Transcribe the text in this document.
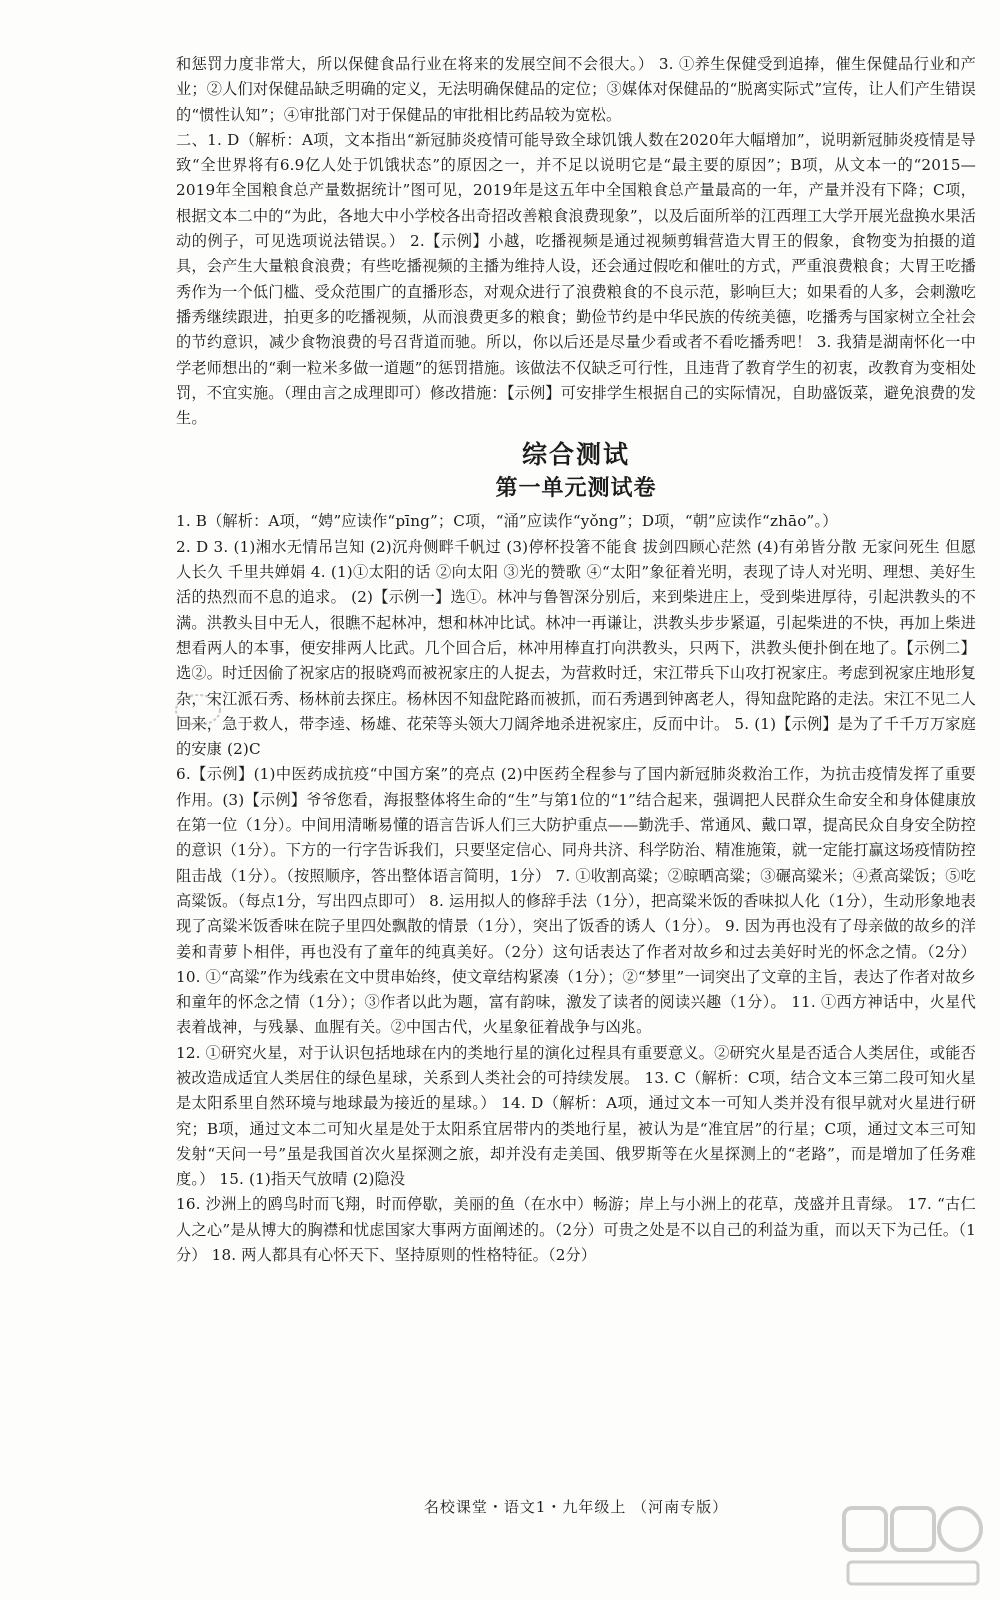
和惩罚力度非常大，所以保健食品行业在将来的发展空间不会很大。） 3. ①养生保健受到追捧，催生保健品行业和产业；②人们对保健品缺乏明确的定义，无法明确保健品的定位；③媒体对保健品的“脱离实际式”宣传，让人们产生错误的“惯性认知”；④审批部门对于保健品的审批相比药品较为宽松。

二、1. D（解析：A项，文本指出“新冠肺炎疫情可能导致全球饥饿人数在2020年大幅增加”，说明新冠肺炎疫情是导致“全世界将有6.9亿人处于饥饿状态”的原因之一，并不足以说明它是“最主要的原因”；B项，从文本一的“2015—2019年全国粮食总产量数据统计”图可见，2019年是这五年中全国粮食总产量最高的一年，产量并没有下降；C项，根据文本二中的“为此，各地大中小学校各出奇招改善粮食浪费现象”，以及后面所举的江西理工大学开展光盘换水果活动的例子，可见选项说法错误。） 2.【示例】小越，吃播视频是通过视频剪辑营造大胃王的假象，食物变为拍摄的道具，会产生大量粮食浪费；有些吃播视频的主播为维持人设，还会通过假吃和催吐的方式，严重浪费粮食；大胃王吃播秀作为一个低门槛、受众范围广的直播形态，对观众进行了浪费粮食的不良示范，影响巨大；如果看的人多，会刺激吃播秀继续跟进，拍更多的吃播视频，从而浪费更多的粮食；勤俭节约是中华民族的传统美德，吃播秀与国家树立全社会的节约意识，减少食物浪费的号召背道而驰。所以，你以后还是尽量少看或者不看吃播秀吧！ 3. 我猜是湖南怀化一中学老师想出的“剩一粒米多做一道题”的惩罚措施。该做法不仅缺乏可行性，且违背了教育学生的初衷，改教育为变相处罚，不宜实施。（理由言之成理即可）修改措施：【示例】可安排学生根据自己的实际情况，自助盛饭菜，避免浪费的发生。

综合测试
第一单元测试卷

1. B（解析：A项，“娉”应读作“pīng”；C项，“涌”应读作“yǒng”；D项，“朝”应读作“zhāo”。）

2. D 3. (1)湘水无情吊岂知 (2)沉舟侧畔千帆过 (3)停杯投箸不能食 拔剑四顾心茫然 (4)有弟皆分散 无家问死生 但愿人长久 千里共婵娟 4. (1)①太阳的话 ②向太阳 ③光的赞歌 ④“太阳”象征着光明，表现了诗人对光明、理想、美好生活的热烈而不息的追求。 (2)【示例一】选①。林冲与鲁智深分别后，来到柴进庄上，受到柴进厚待，引起洪教头的不满。洪教头目中无人，很瞧不起林冲，想和林冲比试。林冲一再谦让，洪教头步步紧逼，引起柴进的不快，再加上柴进想看两人的本事，便安排两人比武。几个回合后，林冲用棒直打向洪教头，只两下，洪教头便扑倒在地了。【示例二】选②。时迁因偷了祝家店的报晓鸡而被祝家庄的人捉去，为营救时迁，宋江带兵下山攻打祝家庄。考虑到祝家庄地形复杂，宋江派石秀、杨林前去探庄。杨林因不知盘陀路而被抓，而石秀遇到钟离老人，得知盘陀路的走法。宋江不见二人回来，急于救人，带李逵、杨雄、花荣等头领大刀阔斧地杀进祝家庄，反而中计。 5. (1)【示例】是为了千千万万家庭的安康 (2)C

6.【示例】(1)中医药成抗疫“中国方案”的亮点 (2)中医药全程参与了国内新冠肺炎救治工作，为抗击疫情发挥了重要作用。(3)【示例】爷爷您看，海报整体将生命的“生”与第1位的“1”结合起来，强调把人民群众生命安全和身体健康放在第一位（1分）。中间用清晰易懂的语言告诉人们三大防护重点——勤洗手、常通风、戴口罩，提高民众自身安全防控的意识（1分）。下方的一行字告诉我们，只要坚定信心、同舟共济、科学防治、精准施策，就一定能打赢这场疫情防控阻击战（1分）。（按照顺序，答出整体语言简明，1分） 7. ①收割高粱；②晾晒高粱；③碾高粱米；④煮高粱饭；⑤吃高粱饭。（每点1分，写出四点即可） 8. 运用拟人的修辞手法（1分），把高粱米饭的香味拟人化（1分），生动形象地表现了高粱米饭香味在院子里四处飘散的情景（1分），突出了饭香的诱人（1分）。 9. 因为再也没有了母亲做的故乡的洋姜和青萝卜相伴，再也没有了童年的纯真美好。（2分）这句话表达了作者对故乡和过去美好时光的怀念之情。（2分） 10. ①“高粱”作为线索在文中贯串始终，使文章结构紧凑（1分）；②“梦里”一词突出了文章的主旨，表达了作者对故乡和童年的怀念之情（1分）；③作者以此为题，富有韵味，激发了读者的阅读兴趣（1分）。 11. ①西方神话中，火星代表着战神，与残暴、血腥有关。②中国古代，火星象征着战争与凶兆。

12. ①研究火星，对于认识包括地球在内的类地行星的演化过程具有重要意义。②研究火星是否适合人类居住，或能否被改造成适宜人类居住的绿色星球，关系到人类社会的可持续发展。 13. C（解析：C项，结合文本三第二段可知火星是太阳系里自然环境与地球最为接近的星球。） 14. D（解析：A项，通过文本一可知人类并没有很早就对火星进行研究；B项，通过文本二可知火星是处于太阳系宜居带内的类地行星，被认为是“准宜居”的行星；C项，通过文本三可知发射“天问一号”虽是我国首次火星探测之旅，却并没有走美国、俄罗斯等在火星探测上的“老路”，而是增加了任务难度。） 15. (1)指天气放晴 (2)隐没

16. 沙洲上的鸥鸟时而飞翔，时而停歇，美丽的鱼（在水中）畅游；岸上与小洲上的花草，茂盛并且青绿。 17. “古仁人之心”是从博大的胸襟和忧虑国家大事两方面阐述的。（2分）可贵之处是不以自己的利益为重，而以天下为己任。（1分） 18. 两人都具有心怀天下、坚持原则的性格特征。（2分）

名校课堂・语文1・九年级上 （河南专版）
